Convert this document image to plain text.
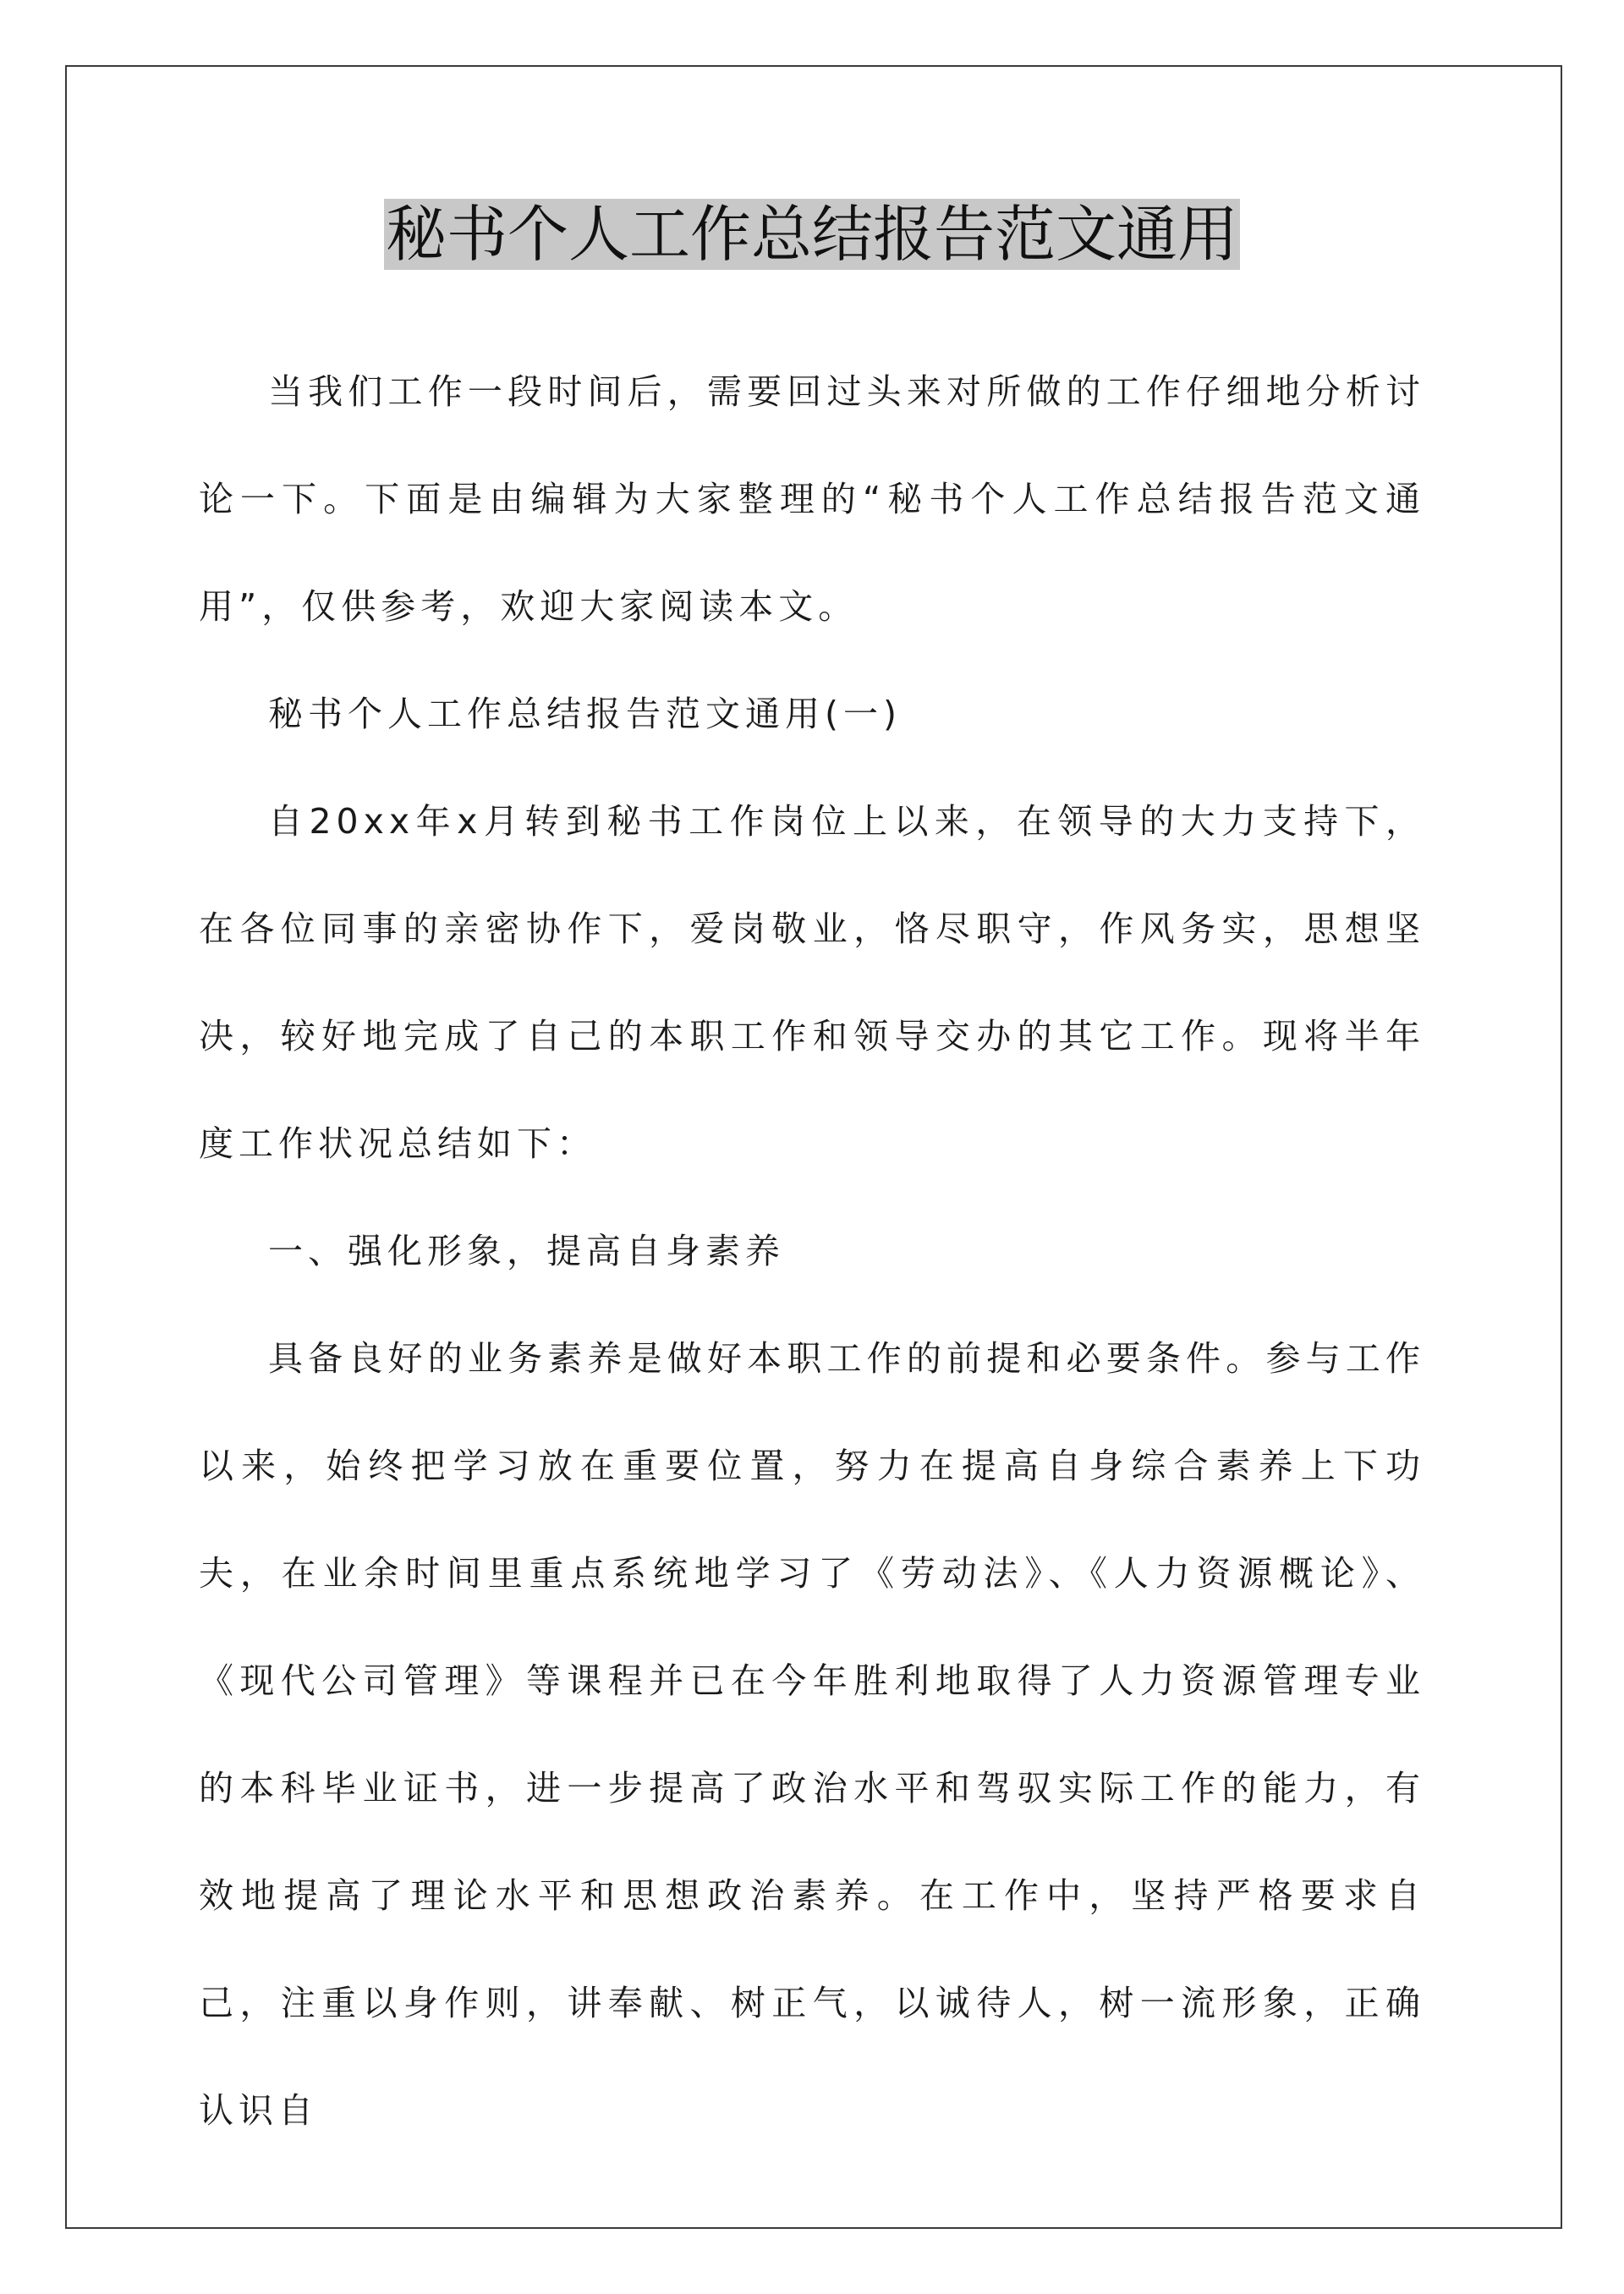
秘书个人工作总结报告范文通用

当我们工作一段时间后，需要回过头来对所做的工作仔细地分析讨论一下。下面是由编辑为大家整理的“秘书个人工作总结报告范文通用”，仅供参考，欢迎大家阅读本文。

秘书个人工作总结报告范文通用(一)

自20xx年x月转到秘书工作岗位上以来，在领导的大力支持下，在各位同事的亲密协作下，爱岗敬业，恪尽职守，作风务实，思想坚决，较好地完成了自己的本职工作和领导交办的其它工作。现将半年度工作状况总结如下：

一、强化形象，提高自身素养

具备良好的业务素养是做好本职工作的前提和必要条件。参与工作以来，始终把学习放在重要位置，努力在提高自身综合素养上下功夫，在业余时间里重点系统地学习了《劳动法》、《人力资源概论》、《现代公司管理》等课程并已在今年胜利地取得了人力资源管理专业的本科毕业证书，进一步提高了政治水平和驾驭实际工作的能力，有效地提高了理论水平和思想政治素养。在工作中，坚持严格要求自己，注重以身作则，讲奉献、树正气，以诚待人，树一流形象，正确认识自
